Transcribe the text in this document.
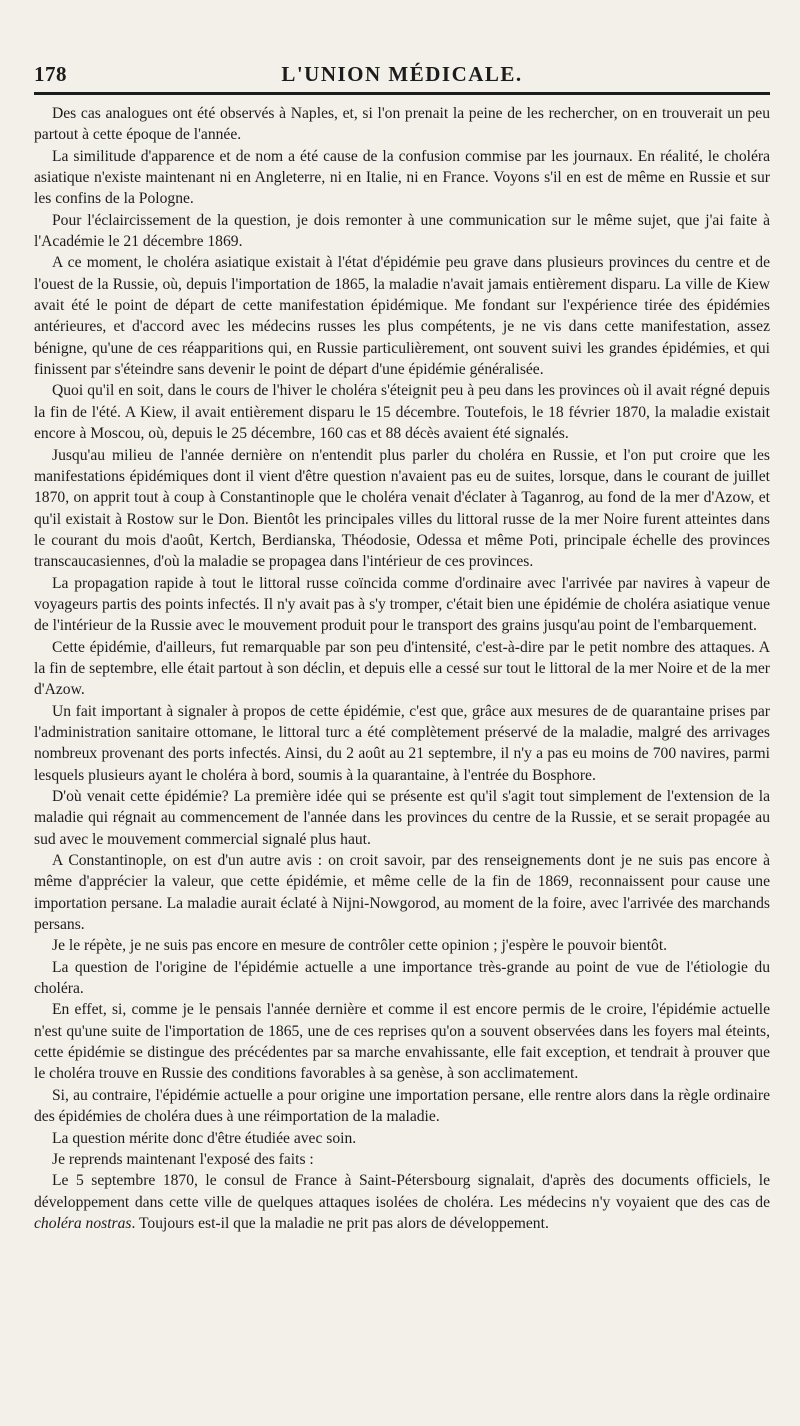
178	L'UNION MÉDICALE.

Des cas analogues ont été observés à Naples, et, si l'on prenait la peine de les rechercher, on en trouverait un peu partout à cette époque de l'année.

La similitude d'apparence et de nom a été cause de la confusion commise par les journaux. En réalité, le choléra asiatique n'existe maintenant ni en Angleterre, ni en Italie, ni en France. Voyons s'il en est de même en Russie et sur les confins de la Pologne.

Pour l'éclaircissement de la question, je dois remonter à une communication sur le même sujet, que j'ai faite à l'Académie le 21 décembre 1869.

A ce moment, le choléra asiatique existait à l'état d'épidémie peu grave dans plusieurs provinces du centre et de l'ouest de la Russie, où, depuis l'importation de 1865, la maladie n'avait jamais entièrement disparu. La ville de Kiew avait été le point de départ de cette manifestation épidémique. Me fondant sur l'expérience tirée des épidémies antérieures, et d'accord avec les médecins russes les plus compétents, je ne vis dans cette manifestation, assez bénigne, qu'une de ces réapparitions qui, en Russie particulièrement, ont souvent suivi les grandes épidémies, et qui finissent par s'éteindre sans devenir le point de départ d'une épidémie généralisée.

Quoi qu'il en soit, dans le cours de l'hiver le choléra s'éteignit peu à peu dans les provinces où il avait régné depuis la fin de l'été. A Kiew, il avait entièrement disparu le 15 décembre. Toutefois, le 18 février 1870, la maladie existait encore à Moscou, où, depuis le 25 décembre, 160 cas et 88 décès avaient été signalés.

Jusqu'au milieu de l'année dernière on n'entendit plus parler du choléra en Russie, et l'on put croire que les manifestations épidémiques dont il vient d'être question n'avaient pas eu de suites, lorsque, dans le courant de juillet 1870, on apprit tout à coup à Constantinople que le choléra venait d'éclater à Taganrog, au fond de la mer d'Azow, et qu'il existait à Rostow sur le Don. Bientôt les principales villes du littoral russe de la mer Noire furent atteintes dans le courant du mois d'août, Kertch, Berdianska, Théodosie, Odessa et même Poti, principale échelle des provinces transcaucasiennes, d'où la maladie se propagea dans l'intérieur de ces provinces.

La propagation rapide à tout le littoral russe coïncida comme d'ordinaire avec l'arrivée par navires à vapeur de voyageurs partis des points infectés. Il n'y avait pas à s'y tromper, c'était bien une épidémie de choléra asiatique venue de l'intérieur de la Russie avec le mouvement produit pour le transport des grains jusqu'au point de l'embarquement.

Cette épidémie, d'ailleurs, fut remarquable par son peu d'intensité, c'est-à-dire par le petit nombre des attaques. A la fin de septembre, elle était partout à son déclin, et depuis elle a cessé sur tout le littoral de la mer Noire et de la mer d'Azow.

Un fait important à signaler à propos de cette épidémie, c'est que, grâce aux mesures de de quarantaine prises par l'administration sanitaire ottomane, le littoral turc a été complètement préservé de la maladie, malgré des arrivages nombreux provenant des ports infectés. Ainsi, du 2 août au 21 septembre, il n'y a pas eu moins de 700 navires, parmi lesquels plusieurs ayant le choléra à bord, soumis à la quarantaine, à l'entrée du Bosphore.

D'où venait cette épidémie? La première idée qui se présente est qu'il s'agit tout simplement de l'extension de la maladie qui régnait au commencement de l'année dans les provinces du centre de la Russie, et se serait propagée au sud avec le mouvement commercial signalé plus haut.

A Constantinople, on est d'un autre avis : on croit savoir, par des renseignements dont je ne suis pas encore à même d'apprécier la valeur, que cette épidémie, et même celle de la fin de 1869, reconnaissent pour cause une importation persane. La maladie aurait éclaté à Nijni-Nowgorod, au moment de la foire, avec l'arrivée des marchands persans.

Je le répète, je ne suis pas encore en mesure de contrôler cette opinion ; j'espère le pouvoir bientôt.

La question de l'origine de l'épidémie actuelle a une importance très-grande au point de vue de l'étiologie du choléra.

En effet, si, comme je le pensais l'année dernière et comme il est encore permis de le croire, l'épidémie actuelle n'est qu'une suite de l'importation de 1865, une de ces reprises qu'on a souvent observées dans les foyers mal éteints, cette épidémie se distingue des précédentes par sa marche envahissante, elle fait exception, et tendrait à prouver que le choléra trouve en Russie des conditions favorables à sa genèse, à son acclimatement.

Si, au contraire, l'épidémie actuelle a pour origine une importation persane, elle rentre alors dans la règle ordinaire des épidémies de choléra dues à une réimportation de la maladie.

La question mérite donc d'être étudiée avec soin.

Je reprends maintenant l'exposé des faits :

Le 5 septembre 1870, le consul de France à Saint-Pétersbourg signalait, d'après des documents officiels, le développement dans cette ville de quelques attaques isolées de choléra. Les médecins n'y voyaient que des cas de choléra nostras. Toujours est-il que la maladie ne prit pas alors de développement.
